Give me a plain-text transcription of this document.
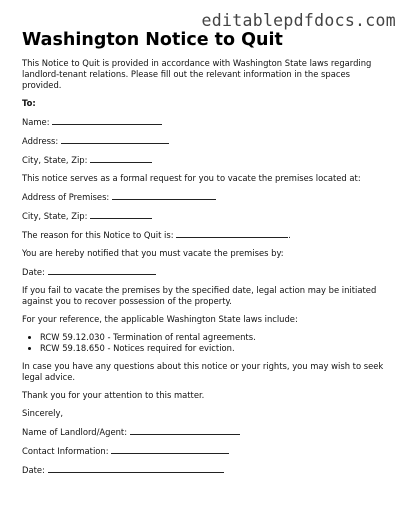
editablepdfdocs.com
Washington Notice to Quit

This Notice to Quit is provided in accordance with Washington State laws regarding landlord-tenant relations. Please fill out the relevant information in the spaces provided.

To:

Name:

Address:

City, State, Zip:

This notice serves as a formal request for you to vacate the premises located at:

Address of Premises:

City, State, Zip:

The reason for this Notice to Quit is:	.

You are hereby notified that you must vacate the premises by:

Date:

If you fail to vacate the premises by the specified date, legal action may be initiated against you to recover possession of the property.

For your reference, the applicable Washington State laws include:

• RCW 59.12.030 - Termination of rental agreements.
• RCW 59.18.650 - Notices required for eviction.

In case you have any questions about this notice or your rights, you may wish to seek legal advice.

Thank you for your attention to this matter.

Sincerely,

Name of Landlord/Agent:

Contact Information:

Date:
